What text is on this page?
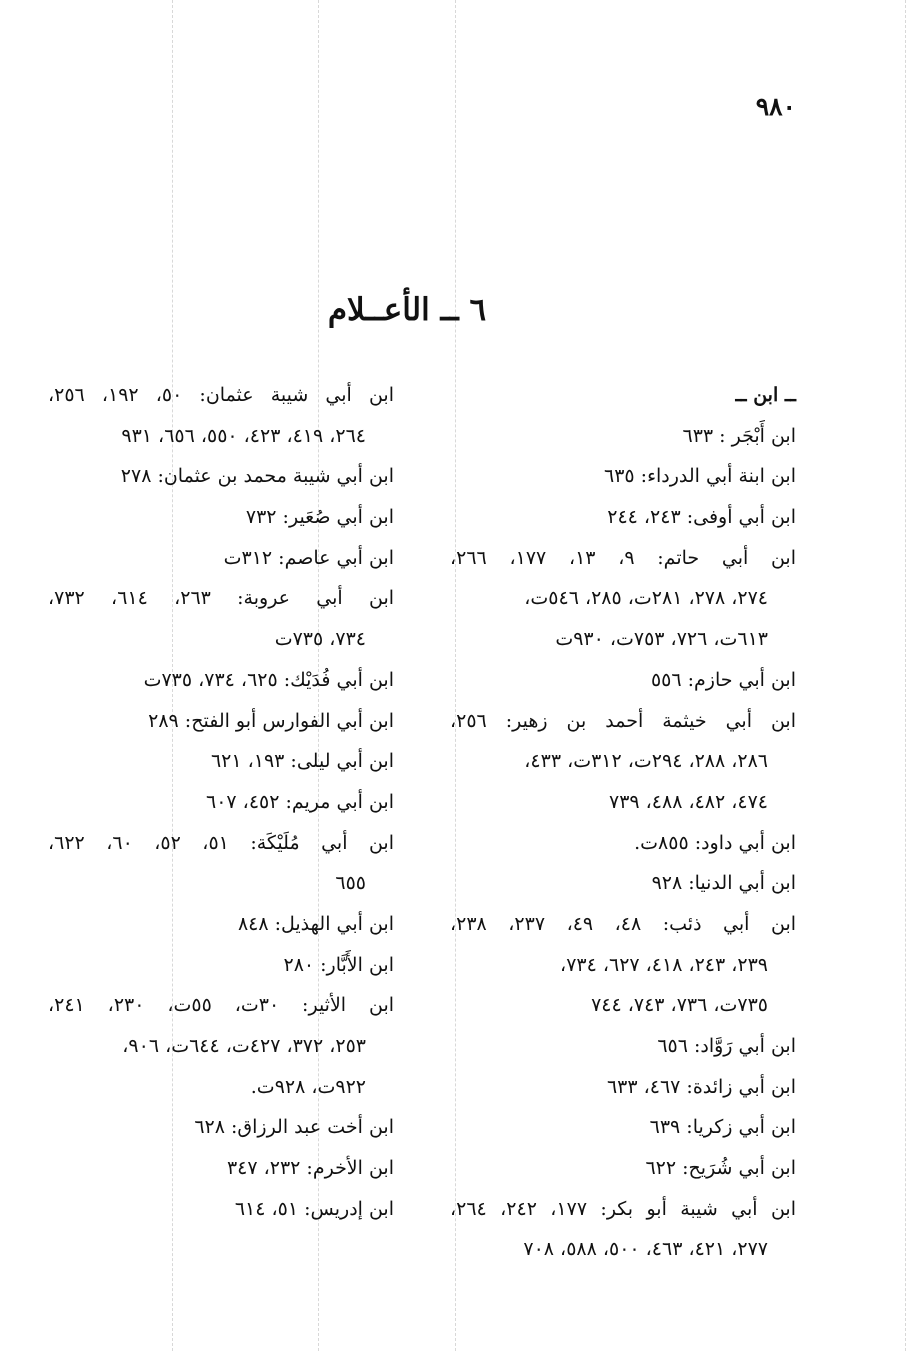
٩٨٠
٦ ــ الأعــلام
ــ ابن ــ
ابن أَبْجَر : ٦٣٣
ابن ابنة أبي الدرداء: ٦٣٥
ابن أبي أوفى: ٢٤٣، ٢٤٤
ابن أبي حاتم: ٩، ١٣، ١٧٧، ٢٦٦،
٢٧٤، ٢٧٨، ٢٨١ت، ٢٨٥، ٥٤٦ت،
٦١٣ت، ٧٢٦، ٧٥٣ت، ٩٣٠ت
ابن أبي حازم: ٥٥٦
ابن أبي خيثمة أحمد بن زهير: ٢٥٦،
٢٨٦، ٢٨٨، ٢٩٤ت، ٣١٢ت، ٤٣٣،
٤٧٤، ٤٨٢، ٤٨٨، ٧٣٩
ابن أبي داود: ٨٥٥ت.
ابن أبي الدنيا: ٩٢٨
ابن أبي ذئب: ٤٨، ٤٩، ٢٣٧، ٢٣٨،
٢٣٩، ٢٤٣، ٤١٨، ٦٢٧، ٧٣٤،
٧٣٥ت، ٧٣٦، ٧٤٣، ٧٤٤
ابن أبي رَوَّاد: ٦٥٦
ابن أبي زائدة: ٤٦٧، ٦٣٣
ابن أبي زكريا: ٦٣٩
ابن أبي شُرَيح: ٦٢٢
ابن أبي شيبة أبو بكر: ١٧٧، ٢٤٢، ٢٦٤،
٢٧٧، ٤٢١، ٤٦٣، ٥٠٠، ٥٨٨، ٧٠٨
ابن أبي شيبة عثمان: ٥٠، ١٩٢، ٢٥٦،
٢٦٤، ٤١٩، ٤٢٣، ٥٥٠، ٦٥٦، ٩٣١
ابن أبي شيبة محمد بن عثمان: ٢٧٨
ابن أبي صُعَير: ٧٣٢
ابن أبي عاصم: ٣١٢ت
ابن أبي عروبة: ٢٦٣، ٦١٤، ٧٣٢،
٧٣٤، ٧٣٥ت
ابن أبي فُدَيْك: ٦٢٥، ٧٣٤، ٧٣٥ت
ابن أبي الفوارس أبو الفتح: ٢٨٩
ابن أبي ليلى: ١٩٣، ٦٢١
ابن أبي مريم: ٤٥٢، ٦٠٧
ابن أبي مُلَيْكَة: ٥١، ٥٢، ٦٠، ٦٢٢،
٦٥٥
ابن أبي الهذيل: ٨٤٨
ابن الأَبَّار: ٢٨٠
ابن الأثير: ٣٠ت، ٥٥ت، ٢٣٠، ٢٤١،
٢٥٣، ٣٧٢، ٤٢٧ت، ٦٤٤ت، ٩٠٦،
٩٢٢ت، ٩٢٨ت.
ابن أخت عبد الرزاق: ٦٢٨
ابن الأخرم: ٢٣٢، ٣٤٧
ابن إدريس: ٥١، ٦١٤
